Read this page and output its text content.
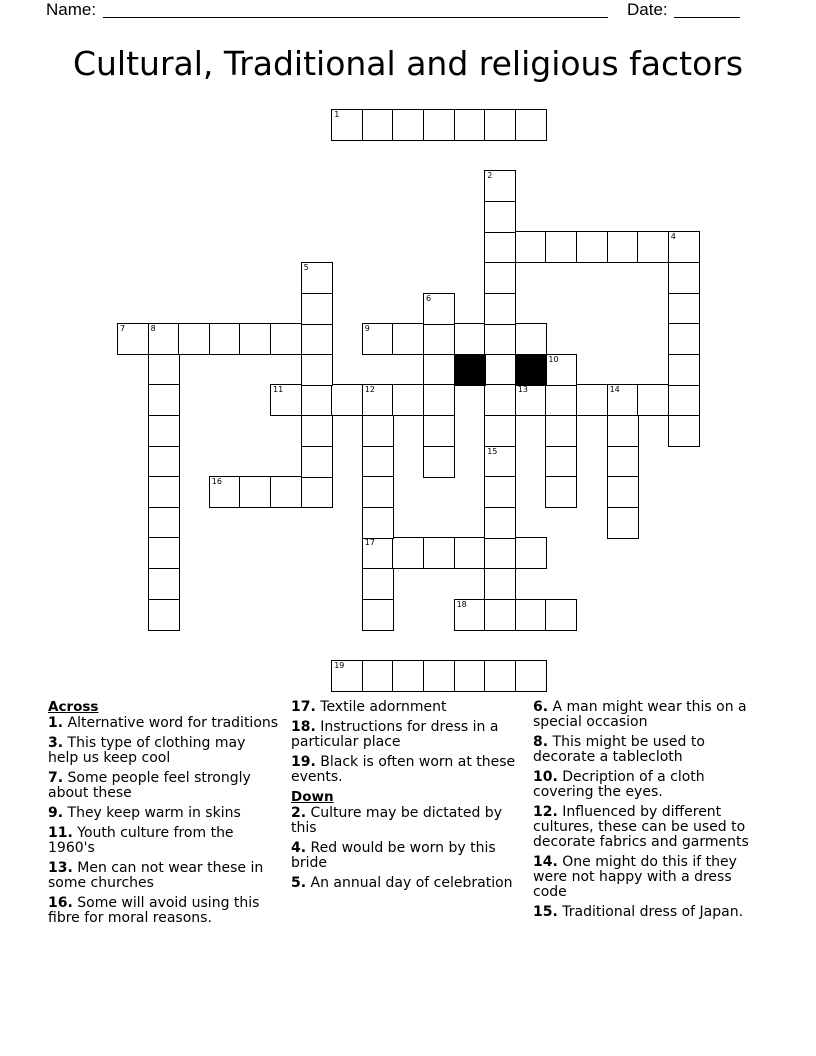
Name:	Date:
Cultural, Traditional and religious factors
1
4
7	8	9
11	12	13	14
16
17
18
19
2
5
6
10
15
Across
1. Alternative word for traditions
3. This type of clothing may help us keep cool
7. Some people feel strongly about these
9. They keep warm in skins
11. Youth culture from the 1960's
13. Men can not wear these in some churches
16. Some will avoid using this fibre for moral reasons.
17. Textile adornment
18. Instructions for dress in a particular place
19. Black is often worn at these events.
Down
2. Culture may be dictated by this
4. Red would be worn by this bride
5. An annual day of celebration
6. A man might wear this on a special occasion
8. This might be used to decorate a tablecloth
10. Decription of a cloth covering the eyes.
12. Influenced by different cultures, these can be used to decorate fabrics and garments
14. One might do this if they were not happy with a dress code
15. Traditional dress of Japan.
